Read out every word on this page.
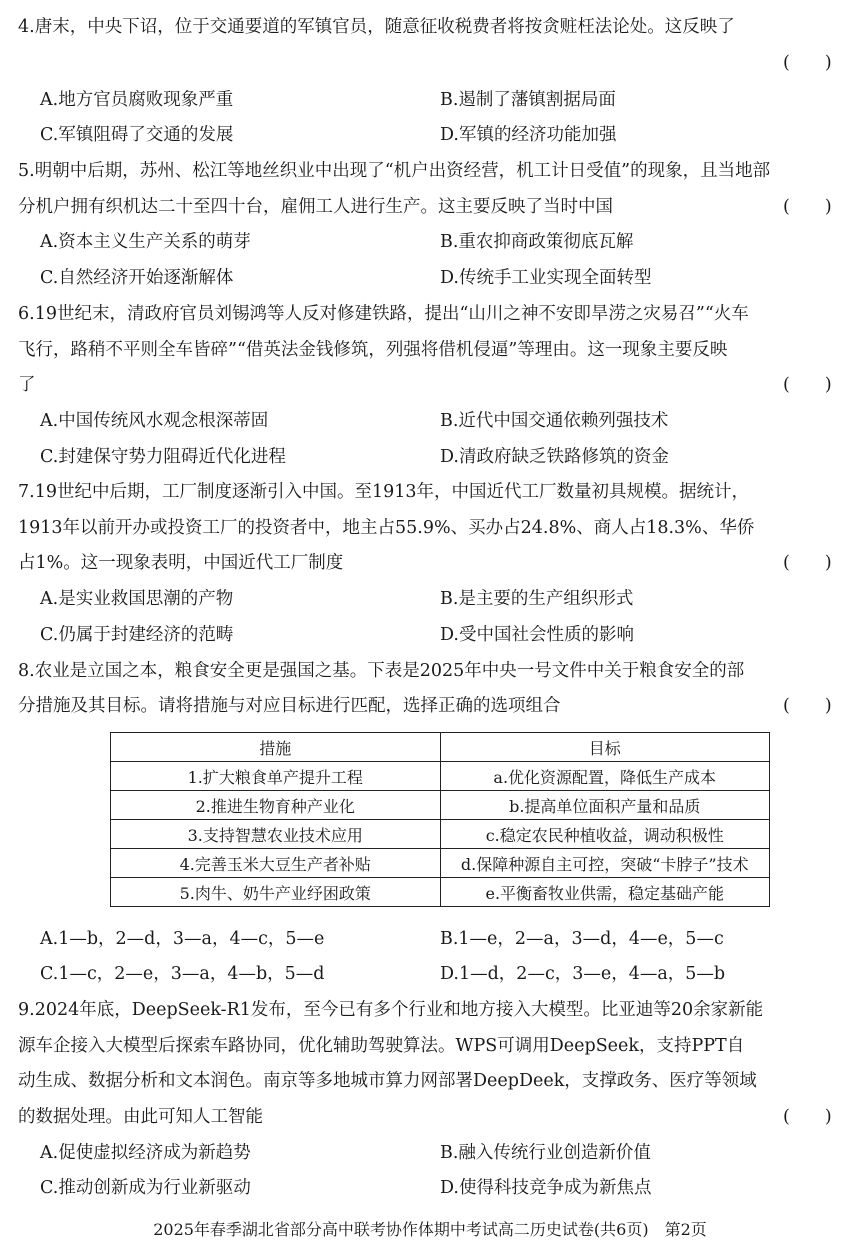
4.唐末，中央下诏，位于交通要道的军镇官员，随意征收税费者将按贪赃枉法论处。这反映了
(　　)
A.地方官员腐败现象严重	B.遏制了藩镇割据局面
C.军镇阻碍了交通的发展	D.军镇的经济功能加强
5.明朝中后期，苏州、松江等地丝织业中出现了“机户出资经营，机工计日受值”的现象，且当地部
分机户拥有织机达二十至四十台，雇佣工人进行生产。这主要反映了当时中国	(　　)
A.资本主义生产关系的萌芽	B.重农抑商政策彻底瓦解
C.自然经济开始逐渐解体	D.传统手工业实现全面转型
6.19世纪末，清政府官员刘锡鸿等人反对修建铁路，提出“山川之神不安即旱涝之灾易召”“火车
飞行，路稍不平则全车皆碎”“借英法金钱修筑，列强将借机侵逼”等理由。这一现象主要反映
了	(　　)
A.中国传统风水观念根深蒂固	B.近代中国交通依赖列强技术
C.封建保守势力阻碍近代化进程	D.清政府缺乏铁路修筑的资金
7.19世纪中后期，工厂制度逐渐引入中国。至1913年，中国近代工厂数量初具规模。据统计，
1913年以前开办或投资工厂的投资者中，地主占55.9%、买办占24.8%、商人占18.3%、华侨
占1%。这一现象表明，中国近代工厂制度	(　　)
A.是实业救国思潮的产物	B.是主要的生产组织形式
C.仍属于封建经济的范畴	D.受中国社会性质的影响
8.农业是立国之本，粮食安全更是强国之基。下表是2025年中央一号文件中关于粮食安全的部
分措施及其目标。请将措施与对应目标进行匹配，选择正确的选项组合	(　　)
措施	目标
1.扩大粮食单产提升工程	a.优化资源配置，降低生产成本
2.推进生物育种产业化	b.提高单位面积产量和品质
3.支持智慧农业技术应用	c.稳定农民种植收益，调动积极性
4.完善玉米大豆生产者补贴	d.保障种源自主可控，突破“卡脖子”技术
5.肉牛、奶牛产业纾困政策	e.平衡畜牧业供需，稳定基础产能
A.1—b，2—d，3—a，4—c，5—e	B.1—e，2—a，3—d，4—e，5—c
C.1—c，2—e，3—a，4—b，5—d	D.1—d，2—c，3—e，4—a，5—b
9.2024年底，DeepSeek-R1发布，至今已有多个行业和地方接入大模型。比亚迪等20余家新能
源车企接入大模型后探索车路协同，优化辅助驾驶算法。WPS可调用DeepSeek，支持PPT自
动生成、数据分析和文本润色。南京等多地城市算力网部署DeepDeek，支撑政务、医疗等领域
的数据处理。由此可知人工智能	(　　)
A.促使虚拟经济成为新趋势	B.融入传统行业创造新价值
C.推动创新成为行业新驱动	D.使得科技竞争成为新焦点
2025年春季湖北省部分高中联考协作体期中考试高二历史试卷(共6页)　第2页
